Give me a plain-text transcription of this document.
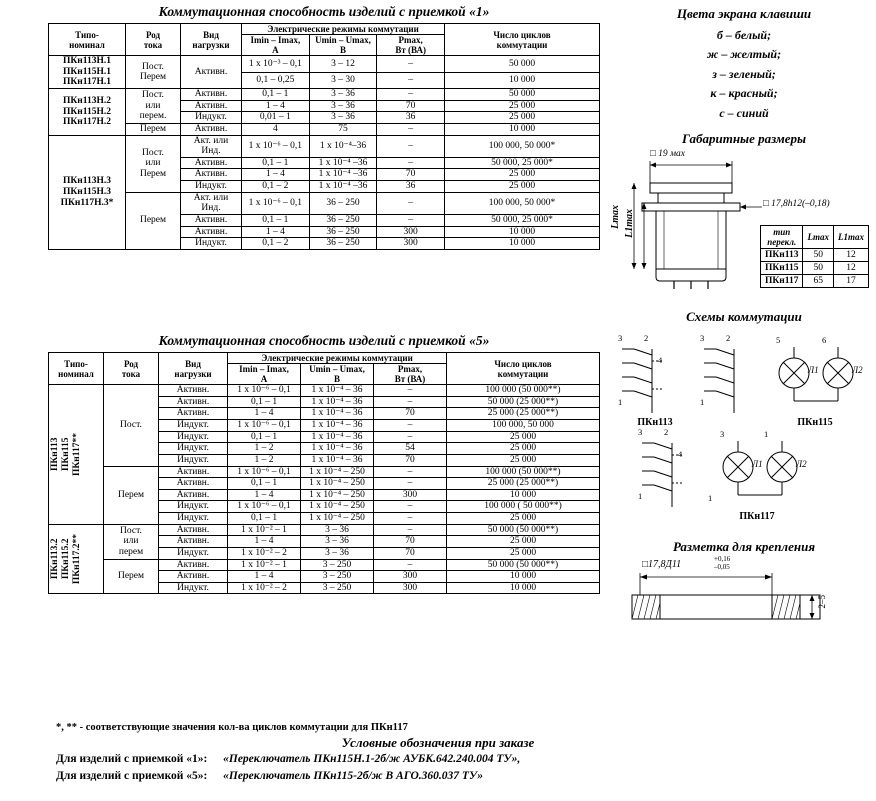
Коммутационная способность изделий с приемкой «1»
Типо-
номинал	Род
тока	Вид
нагрузки	Электрические режимы коммутации			Число циклов
коммутации
			Imin – Imax,
A	Umin – Umax,
В	Pmax,
Вт (ВА)	

ПКн113Н.1
ПКн115Н.1
ПКн117Н.1	Пост.
Перем	Активн.	1 x 10⁻³ – 0,1	3 – 12	–	50 000
			0,1 – 0,25	3 – 30	–	10 000
ПКн113Н.2
ПКн115Н.2
ПКн117Н.2	Пост.
или
перем.	Активн.	0,1 – 1	3 – 36	–	50 000
		Активн.	1 – 4	3 – 36	70	25 000
		Индукт.	0,01 – 1	3 – 36	36	25 000
	Перем	Активн.	4	75	–	10 000
ПКн113Н.3
ПКн115Н.3
ПКн117Н.3*	Пост.
или
Перем	Акт. или
Инд.	1 x 10⁻⁶ – 0,1	1 x 10⁻⁴–36	–	100 000, 50 000*
		Активн.	0,1 – 1	1 x 10⁻⁴ –36	–	50 000, 25 000*
		Активн.	1 – 4	1 x 10⁻⁴ –36	70	25 000
		Индукт.	0,1 – 2	1 x 10⁻⁴ –36	36	25 000
	Перем	Акт. или
Инд.	1 x 10⁻⁶ – 0,1	36 – 250	–	100 000, 50 000*
		Активн.	0,1 – 1	36 – 250	–	50 000, 25 000*
		Активн.	1 – 4	36 – 250	300	10 000
		Индукт.	0,1 – 2	36 – 250	300	10 000
Коммутационная способность изделий с приемкой «5»
Типо-
номинал	Род
тока	Вид
нагрузки	Электрические режимы коммутации			Число циклов
коммутации
			Imin – Imax,
A	Umin – Umax,
В	Pmax,
Вт (ВА)	

ПКн113
ПКн115
ПКн117**	Пост.	Активн.	1 x 10⁻⁶ – 0,1	1 x 10⁻⁴ – 36	–	100 000 (50 000**)
		Активн.	0,1 – 1	1 x 10⁻⁴ – 36	–	50 000 (25 000**)
		Активн.	1 – 4	1 x 10⁻⁴ – 36	70	25 000 (25 000**)
		Индукт.	1 x 10⁻⁶ – 0,1	1 x 10⁻⁴ – 36	–	100 000, 50 000
		Индукт.	0,1 – 1	1 x 10⁻⁴ – 36	–	25 000
		Индукт.	1 – 2	1 x 10⁻⁴ – 36	54	25 000
		Индукт.	1 – 2	1 x 10⁻⁴ – 36	70	25 000
	Перем	Активн.	1 x 10⁻⁶ – 0,1	1 x 10⁻⁴ – 250	–	100 000 (50 000**)
		Активн.	0,1 – 1	1 x 10⁻⁴ – 250	–	25 000 (25 000**)
		Активн.	1 – 4	1 x 10⁻⁴ – 250	300	10 000
		Индукт.	1 x 10⁻⁶ – 0,1	1 x 10⁻⁴ – 250	–	100 000 ( 50 000**)
		Индукт.	0,1 – 1	1 x 10⁻⁴ – 250	–	25 000

ПКн113.2
ПКн115.2
ПКн117.2**	Пост.
или
перем	Активн.	1 x 10⁻² – 1	3 – 36	–	50 000 (50 000**)
		Активн.	1 – 4	3 – 36	70	25 000
		Индукт.	1 x 10⁻² – 2	3 – 36	70	25 000
	Перем	Активн.	1 x 10⁻² – 1	3 – 250	–	50 000 (50 000**)
		Активн.	1 – 4	3 – 250	300	10 000
		Индукт.	1 x 10⁻² – 2	3 – 250	300	10 000
Цвета экрана клавиши
б – белый;
ж – желтый;
з – зеленый;
к – красный;
с – синий
Габаритные размеры
□ 19 мах
□ 17,8h12(–0,18)
Lmax L1max	тип
перекл.	Lmax	L1max
ПКн113	50	12
ПКн115	50	12
ПКн117	65	17
Схемы коммутации
3	2
1
4
3	2
1
5	6
Л1	Л2
3	2
1
4
3	1
1
Л1	Л2
ПКн113	ПКн115
ПКн117
Разметка для крепления
□17,8Д11	+0,16
–0,05
2–5
*, ** - соответствующие значения кол-ва циклов коммутации для ПКн117
Условные обозначения при заказе
Для изделий с приемкой «1»: «Переключатель ПКн115Н.1-2б/ж АУБК.642.240.004 ТУ»,
Для изделий с приемкой «5»: «Переключатель ПКн115-2б/ж В АГО.360.037 ТУ»
